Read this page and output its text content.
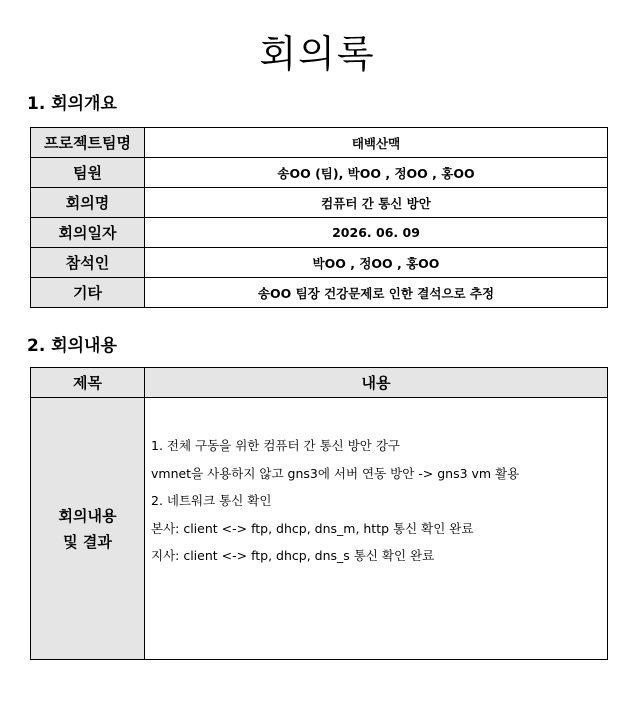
회의록
1. 회의개요
프로젝트팀명	태백산맥
팀원	송OO (팀), 박OO , 정OO , 홍OO
회의명	컴퓨터 간 통신 방안
회의일자	2026. 06. 09
참석인	박OO , 정OO , 홍OO
기타	송OO 팀장 건강문제로 인한 결석으로 추정
2. 회의내용
제목	내용

회의내용
및 결과	1. 전체 구동을 위한 컴퓨터 간 통신 방안 강구
vmnet을 사용하지 않고 gns3에 서버 연동 방안 -> gns3 vm 활용
2. 네트워크 통신 확인
본사: client <-> ftp, dhcp, dns_m, http 통신 확인 완료
지사: client <-> ftp, dhcp, dns_s 통신 확인 완료
